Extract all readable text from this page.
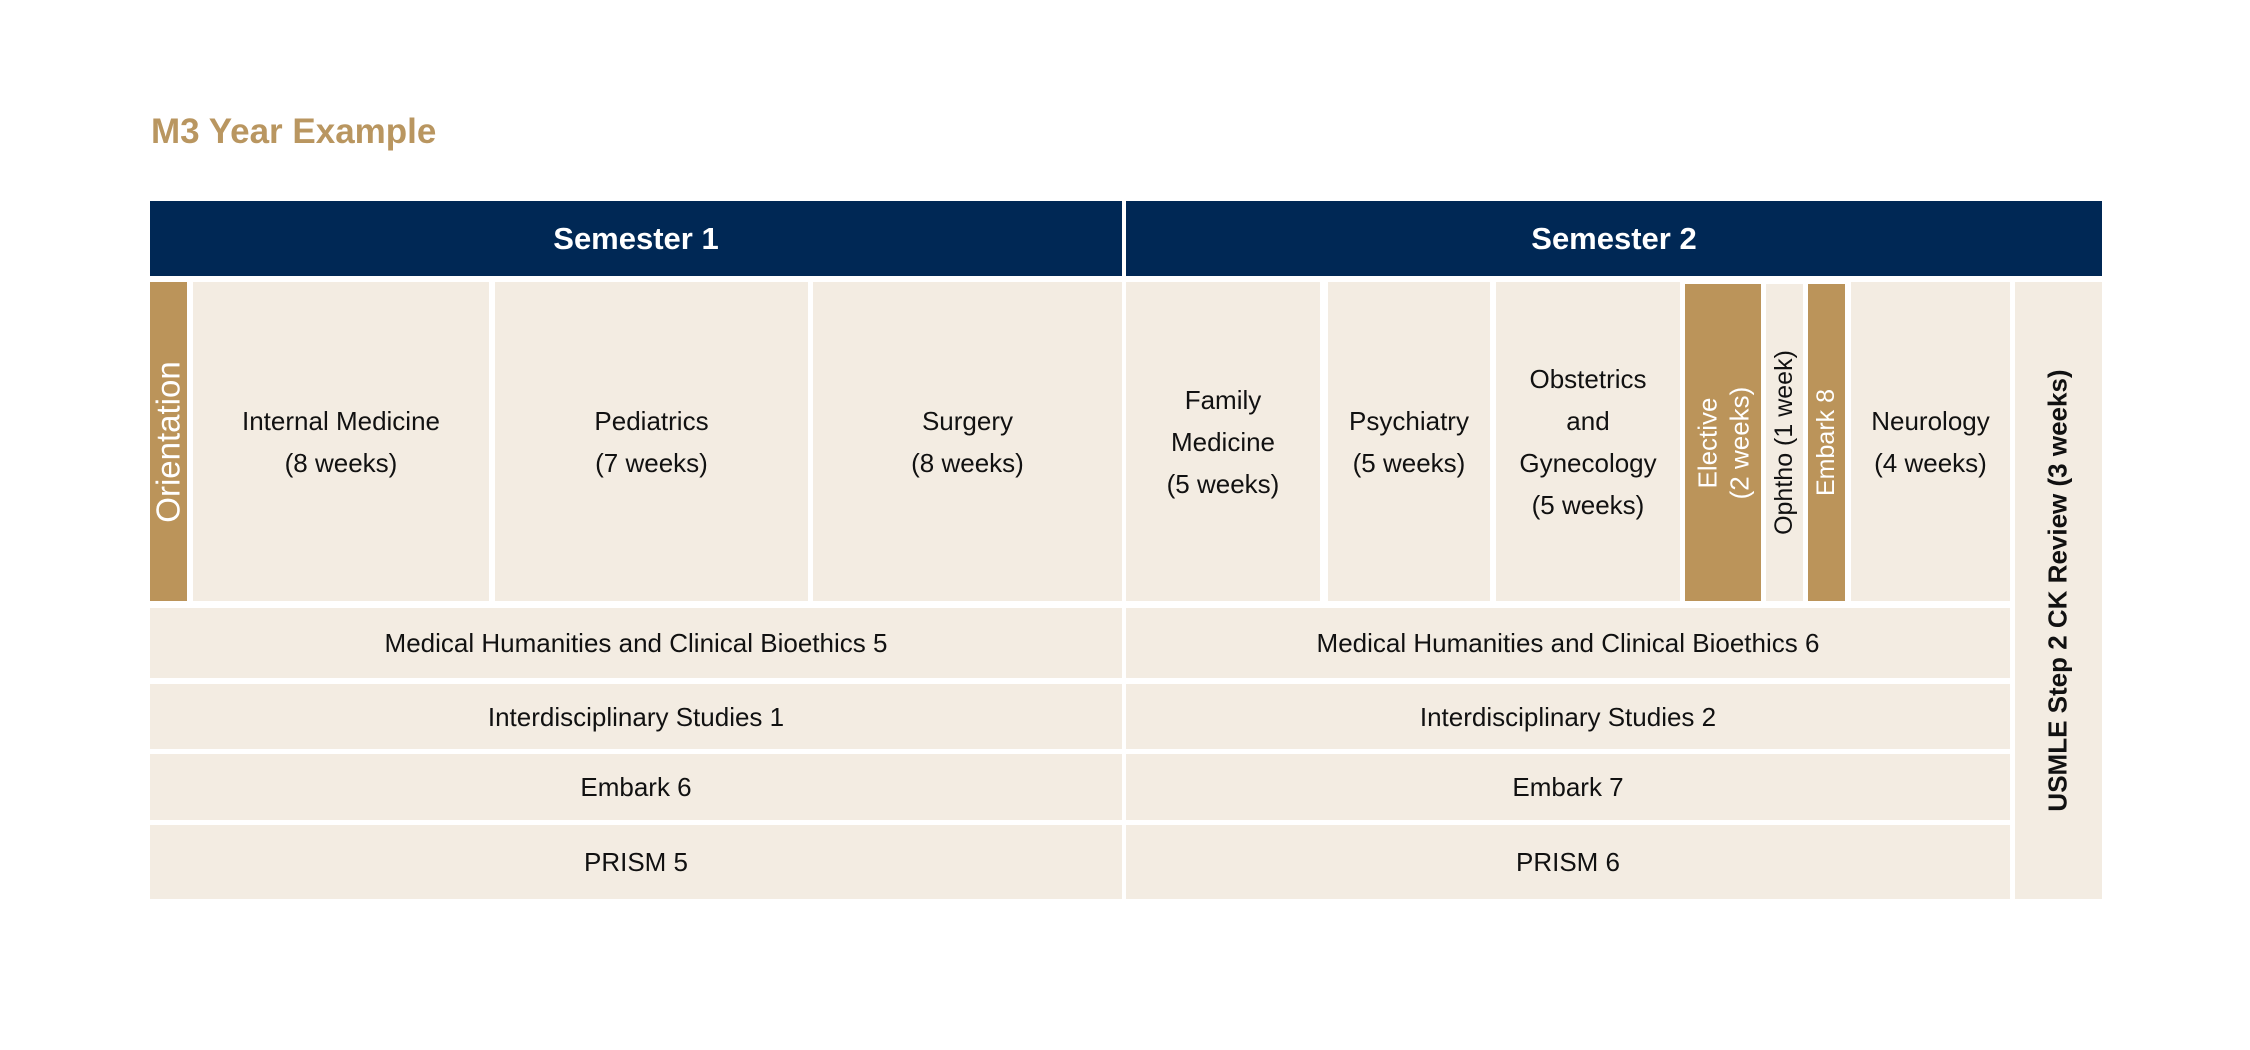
M3 Year Example
Semester 1	Semester 2
Orientation Internal Medicine
(8 weeks)
Pediatrics
(7 weeks)
Surgery
(8 weeks)
Family
Medicine
(5 weeks)
Psychiatry
(5 weeks)
Obstetrics
and
Gynecology
(5 weeks)
Elective (2 weeks) Ophtho (1 week) Embark 8 Neurology
(4 weeks) USMLE Step 2 CK Review (3 weeks)
Medical Humanities and Clinical Bioethics 5
Interdisciplinary Studies 1
Embark 6
PRISM 5
Medical Humanities and Clinical Bioethics 6
Interdisciplinary Studies 2
Embark 7
PRISM 6
